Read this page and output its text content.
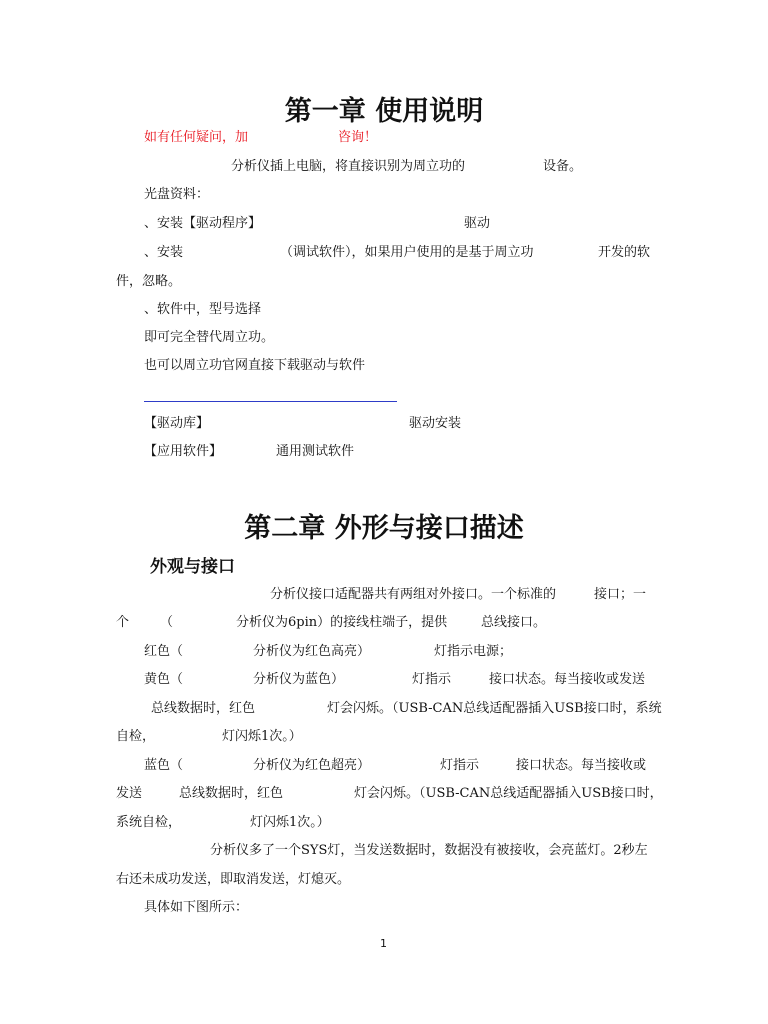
第一章 使用说明
如有任何疑问，加	咨询！
分析仪插上电脑，将直接识别为周立功的	设备。
光盘资料：
、安装【驱动程序】	驱动
、安装	（调试软件），如果用户使用的是基于周立功	开发的软
件，忽略。
、软件中，型号选择
即可完全替代周立功。
也可以周立功官网直接下载驱动与软件
【驱动库】	驱动安装
【应用软件】	通用测试软件
第二章 外形与接口描述
外观与接口
分析仪接口适配器共有两组对外接口。一个标准的	接口；一
个 （	分析仪为6pin）的接线柱端子，提供	总线接口。
红色（	分析仪为红色高亮）	灯指示电源；
黄色（	分析仪为蓝色）	灯指示	接口状态。每当接收或发送
总线数据时，红色	灯会闪烁。（USB-CAN总线适配器插入USB接口时，系统
自检，	灯闪烁1次。）
蓝色（	分析仪为红色超亮）	灯指示	接口状态。每当接收或
发送	总线数据时，红色	灯会闪烁。（USB-CAN总线适配器插入USB接口时，
系统自检，	灯闪烁1次。）
分析仪多了一个SYS灯，当发送数据时，数据没有被接收，会亮蓝灯。2秒左
右还未成功发送，即取消发送，灯熄灭。
具体如下图所示：
1
